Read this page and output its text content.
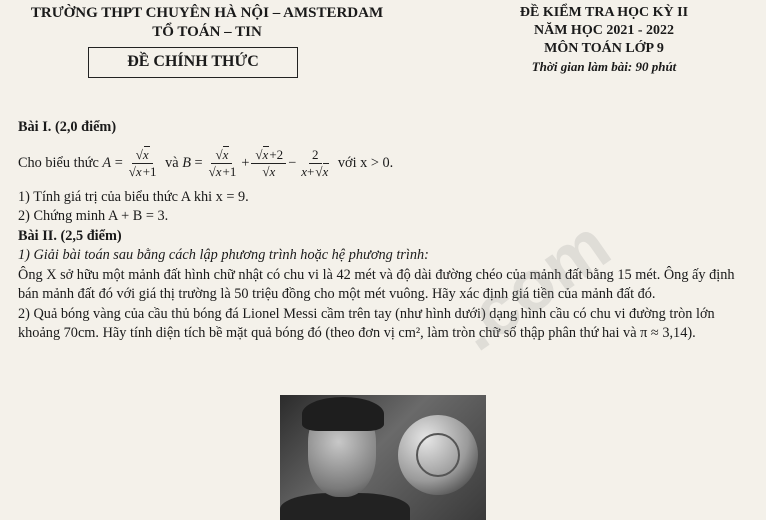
TRƯỜNG THPT CHUYÊN HÀ NỘI – AMSTERDAM
TỔ TOÁN – TIN
ĐỀ CHÍNH THỨC
ĐỀ KIỂM TRA HỌC KỲ II
NĂM HỌC 2021 - 2022
MÔN TOÁN LỚP 9
Thời gian làm bài: 90 phút

Bài I. (2,0 điểm)

Cho biểu thức
A = √ x
√ x+1
và
B = √ x
√ x+1 + √ x+2
√ $x - \frac{2}{x+ √ x}$
với x > 0.

1) Tính giá trị của biểu thức A khi x = 9.

2) Chứng minh A + B = 3.

Bài II. (2,5 điểm)

1) Giải bài toán sau bằng cách lập phương trình hoặc hệ phương trình:

Ông X sở hữu một mảnh đất hình chữ nhật có chu vi là 42 mét và độ dài đường chéo của mảnh đất bằng 15 mét. Ông ấy định bán mảnh đất đó với giá thị trường là 50 triệu đồng cho một mét vuông. Hãy xác định giá tiền của mảnh đất đó.

2) Quả bóng vàng của cầu thủ bóng đá Lionel Messi cầm trên tay (như hình dưới) dạng hình cầu có chu vi đường tròn lớn khoảng 70cm. Hãy tính diện tích bề mặt quả bóng đó (theo đơn vị cm², làm tròn chữ số thập phân thứ hai và π ≈ 3,14).

.com
